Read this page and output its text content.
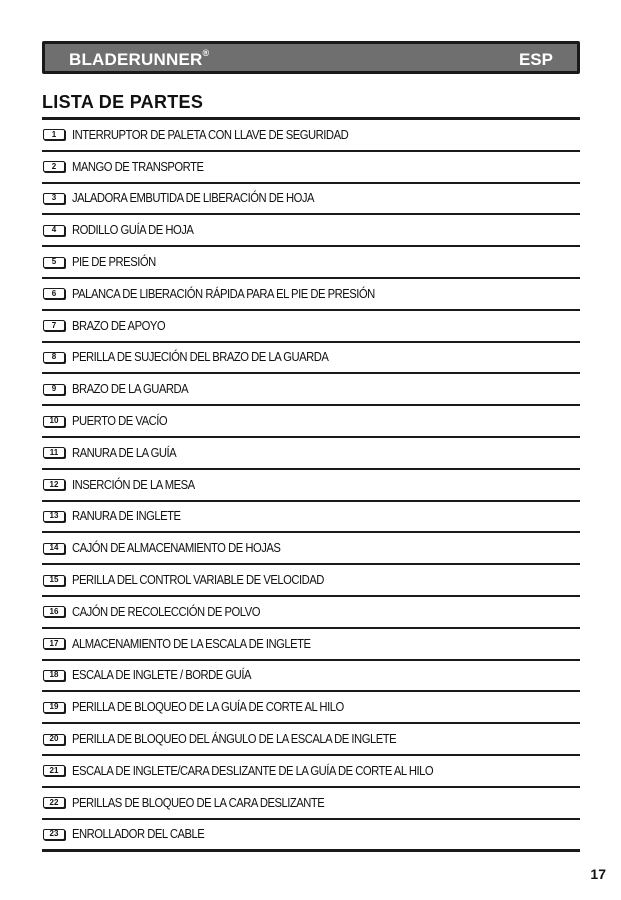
BLADERUNNER®	ESP
LISTA DE PARTES
1	INTERRUPTOR DE PALETA CON LLAVE DE SEGURIDAD
2	MANGO DE TRANSPORTE
3	JALADORA EMBUTIDA DE LIBERACIÓN DE HOJA
4	RODILLO GUÍA DE HOJA
5	PIE DE PRESIÓN
6	PALANCA DE LIBERACIÓN RÁPIDA PARA EL PIE DE PRESIÓN
7	BRAZO DE APOYO
8	PERILLA DE SUJECIÓN DEL BRAZO DE LA GUARDA
9	BRAZO DE LA GUARDA
10	PUERTO DE VACÍO
11	RANURA DE LA GUÍA
12	INSERCIÓN DE LA MESA
13	RANURA DE INGLETE
14	CAJÓN DE ALMACENAMIENTO DE HOJAS
15	PERILLA DEL CONTROL VARIABLE DE VELOCIDAD
16	CAJÓN DE RECOLECCIÓN DE POLVO
17	ALMACENAMIENTO DE LA ESCALA DE INGLETE
18	ESCALA DE INGLETE / BORDE GUÍA
19	PERILLA DE BLOQUEO DE LA GUÍA DE CORTE AL HILO
20	PERILLA DE BLOQUEO DEL ÁNGULO DE LA ESCALA DE INGLETE
21	ESCALA DE INGLETE/CARA DESLIZANTE DE LA GUÍA DE CORTE AL HILO
22	PERILLAS DE BLOQUEO DE LA CARA DESLIZANTE
23	ENROLLADOR DEL CABLE
17
